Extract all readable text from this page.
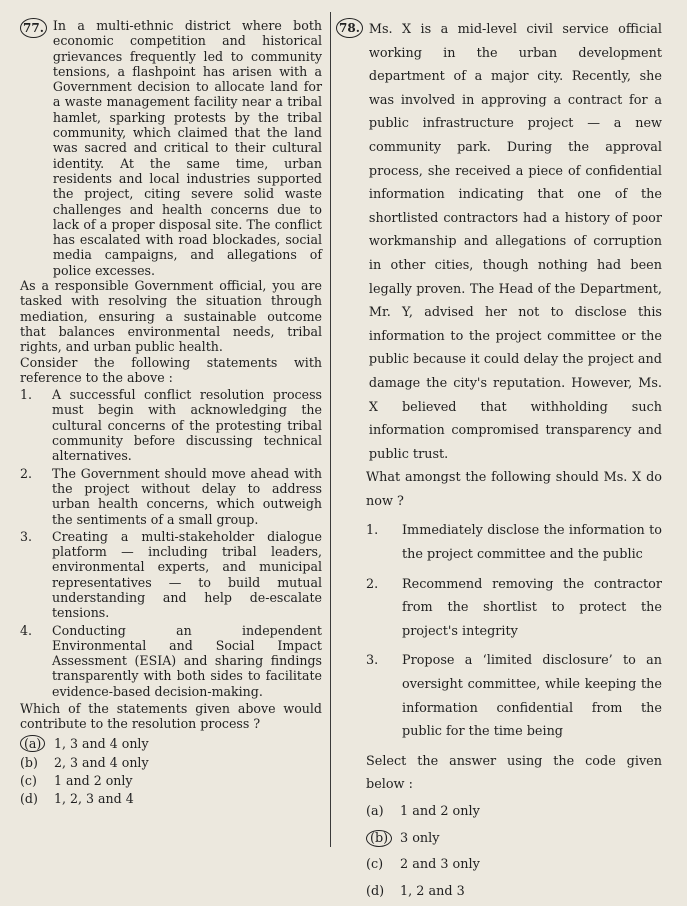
77. In a multi-ethnic district where both economic competition and historical grievances frequently led to community tensions, a flashpoint has arisen with a Government decision to allocate land for a waste management facility near a tribal hamlet, sparking protests by the tribal community, which claimed that the land was sacred and critical to their cultural identity. At the same time, urban residents and local industries supported the project, citing severe solid waste challenges and health concerns due to lack of a proper disposal site. The conflict has escalated with road blockades, social media campaigns, and allegations of police excesses.

As a responsible Government official, you are tasked with resolving the situation through mediation, ensuring a sustainable outcome that balances environmental needs, tribal rights, and urban public health.

Consider the following statements with reference to the above :

1.	A successful conflict resolution process must begin with acknowledging the cultural concerns of the protesting tribal community before discussing technical alternatives.
2.	The Government should move ahead with the project without delay to address urban health concerns, which outweigh the sentiments of a small group.
3.	Creating a multi-stakeholder dialogue platform — including tribal leaders, environmental experts, and municipal representatives — to build mutual understanding and help de-escalate tensions.
4.	Conducting an independent Environmental and Social Impact Assessment (ESIA) and sharing findings transparently with both sides to facilitate evidence-based decision-making.

Which of the statements given above would contribute to the resolution process ?

(a)	1, 3 and 4 only
(b)	2, 3 and 4 only
(c)	1 and 2 only
(d)	1, 2, 3 and 4
78. Ms. X is a mid-level civil service official working in the urban development department of a major city. Recently, she was involved in approving a contract for a public infrastructure project — a new community park. During the approval process, she received a piece of confidential information indicating that one of the shortlisted contractors had a history of poor workmanship and allegations of corruption in other cities, though nothing had been legally proven. The Head of the Department, Mr. Y, advised her not to disclose this information to the project committee or the public because it could delay the project and damage the city's reputation. However, Ms. X believed that withholding such information compromised transparency and public trust.

What amongst the following should Ms. X do now ?

1.	Immediately disclose the information to the project committee and the public
2.	Recommend removing the contractor from the shortlist to protect the project's integrity
3.	Propose a ‘limited disclosure’ to an oversight committee, while keeping the information confidential from the public for the time being

Select the answer using the code given below :

(a)	1 and 2 only
(b) 3 only
(c)	2 and 3 only
(d)	1, 2 and 3
